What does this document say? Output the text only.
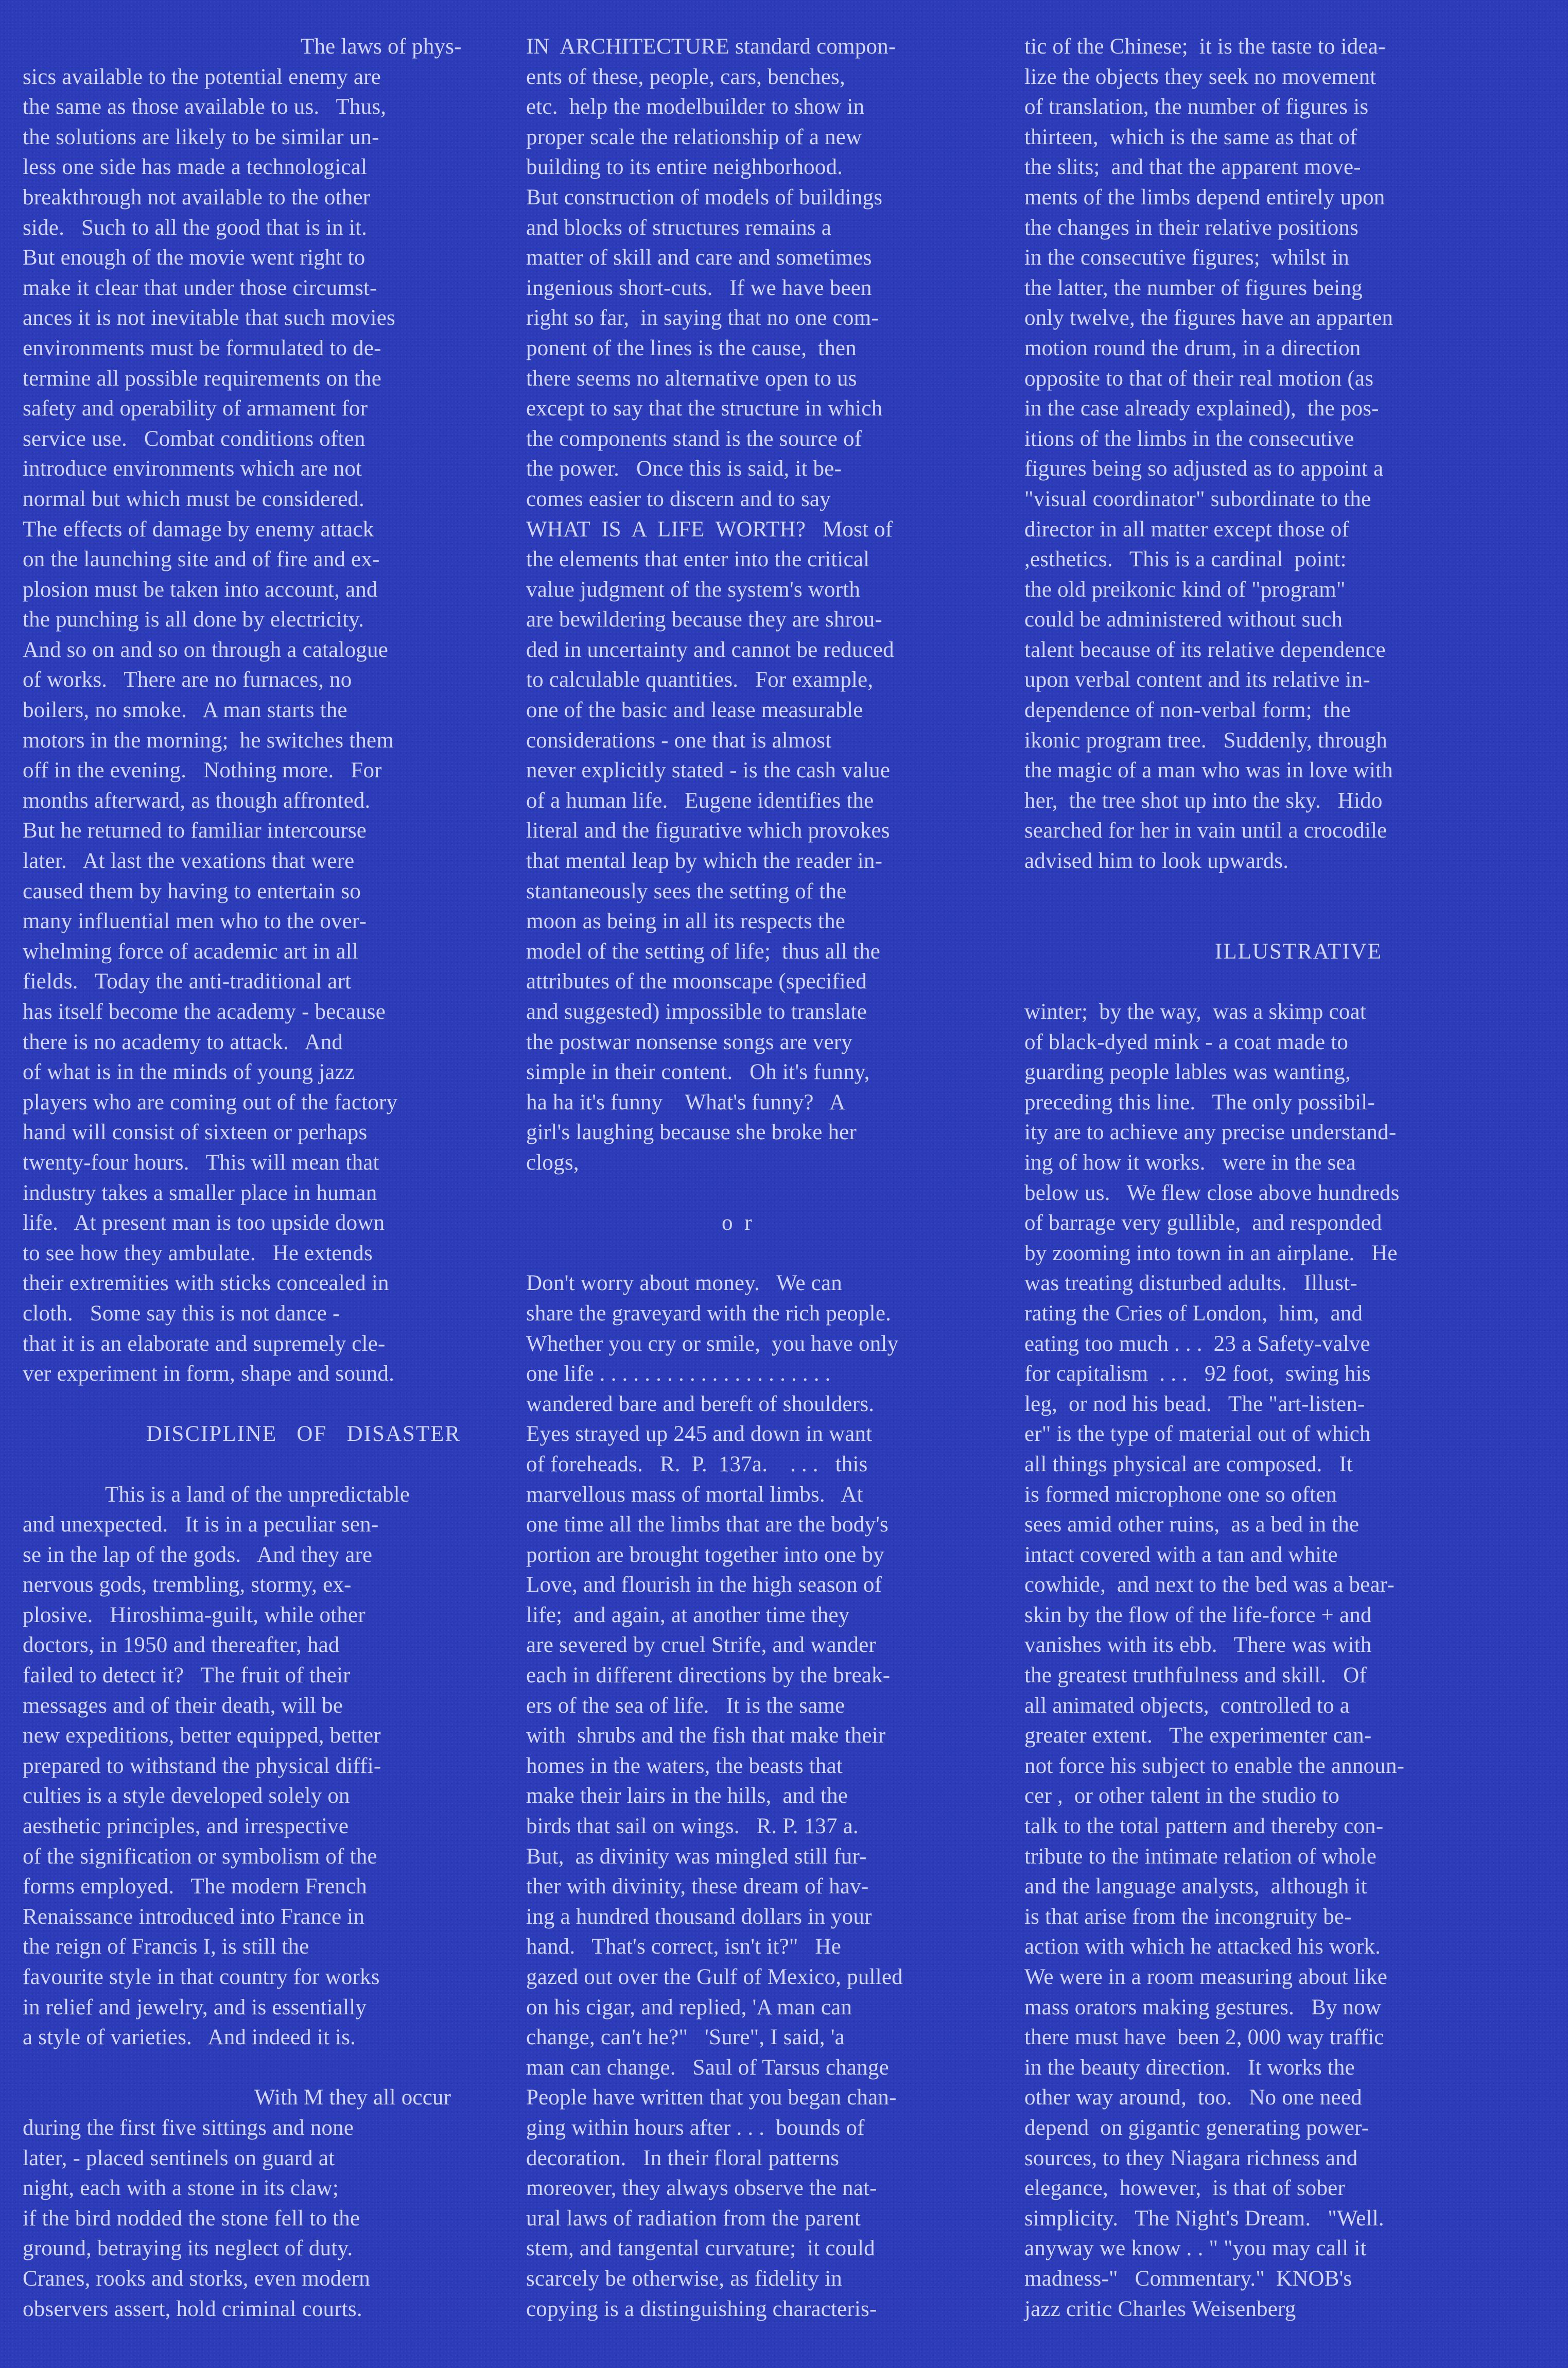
The laws of phys-
sics available to the potential enemy are
the same as those available to us.   Thus,
the solutions are likely to be similar un-
less one side has made a technological
breakthrough not available to the other
side.   Such to all the good that is in it.
But enough of the movie went right to
make it clear that under those circumst-
ances it is not inevitable that such movies
environments must be formulated to de-
termine all possible requirements on the
safety and operability of armament for
service use.   Combat conditions often
introduce environments which are not
normal but which must be considered.
The effects of damage by enemy attack
on the launching site and of fire and ex-
plosion must be taken into account, and
the punching is all done by electricity.
And so on and so on through a catalogue
of works.   There are no furnaces, no
boilers, no smoke.   A man starts the
motors in the morning;  he switches them
off in the evening.   Nothing more.   For
months afterward, as though affronted.
But he returned to familiar intercourse
later.   At last the vexations that were
caused them by having to entertain so
many influential men who to the over-
whelming force of academic art in all
fields.   Today the anti-traditional art
has itself become the academy - because
there is no academy to attack.   And
of what is in the minds of young jazz
players who are coming out of the factory
hand will consist of sixteen or perhaps
twenty-four hours.   This will mean that
industry takes a smaller place in human
life.   At present man is too upside down
to see how they ambulate.   He extends
their extremities with sticks concealed in
cloth.   Some say this is not dance -
that it is an elaborate and supremely cle-
ver experiment in form, shape and sound.
DISCIPLINE   OF   DISASTER
This is a land of the unpredictable
and unexpected.   It is in a peculiar sen-
se in the lap of the gods.   And they are
nervous gods, trembling, stormy, ex-
plosive.   Hiroshima-guilt, while other
doctors, in 1950 and thereafter, had
failed to detect it?   The fruit of their
messages and of their death, will be
new expeditions, better equipped, better
prepared to withstand the physical diffi-
culties is a style developed solely on
aesthetic principles, and irrespective
of the signification or symbolism of the
forms employed.   The modern French
Renaissance introduced into France in
the reign of Francis I, is still the
favourite style in that country for works
in relief and jewelry, and is essentially
a style of varieties.   And indeed it is.
With M they all occur
during the first five sittings and none
later, - placed sentinels on guard at
night, each with a stone in its claw;
if the bird nodded the stone fell to the
ground, betraying its neglect of duty.
Cranes, rooks and storks, even modern
observers assert, hold criminal courts.
IN  ARCHITECTURE standard compon-
ents of these, people, cars, benches,
etc.  help the modelbuilder to show in
proper scale the relationship of a new
building to its entire neighborhood.
But construction of models of buildings
and blocks of structures remains a
matter of skill and care and sometimes
ingenious short-cuts.   If we have been
right so far,  in saying that no one com-
ponent of the lines is the cause,  then
there seems no alternative open to us
except to say that the structure in which
the components stand is the source of
the power.   Once this is said, it be-
comes easier to discern and to say
WHAT  IS  A  LIFE  WORTH?   Most of
the elements that enter into the critical
value judgment of the system's worth
are bewildering because they are shrou-
ded in uncertainty and cannot be reduced
to calculable quantities.   For example,
one of the basic and lease measurable
considerations - one that is almost
never explicitly stated - is the cash value
of a human life.   Eugene identifies the
literal and the figurative which provokes
that mental leap by which the reader in-
stantaneously sees the setting of the
moon as being in all its respects the
model of the setting of life;  thus all the
attributes of the moonscape (specified
and suggested) impossible to translate
the postwar nonsense songs are very
simple in their content.   Oh it's funny,
ha ha it's funny    What's funny?   A
girl's laughing because she broke her
clogs,
o r
Don't worry about money.   We can
share the graveyard with the rich people.
Whether you cry or smile,  you have only
one life . . . . . . . . . . . . . . . . . . . . .
wandered bare and bereft of shoulders.
Eyes strayed up 245 and down in want
of foreheads.   R.  P.  137a.    . . .   this
marvellous mass of mortal limbs.   At
one time all the limbs that are the body's
portion are brought together into one by
Love, and flourish in the high season of
life;  and again, at another time they
are severed by cruel Strife, and wander
each in different directions by the break-
ers of the sea of life.   It is the same
with  shrubs and the fish that make their
homes in the waters, the beasts that
make their lairs in the hills,  and the
birds that sail on wings.   R. P. 137 a.
But,  as divinity was mingled still fur-
ther with divinity, these dream of hav-
ing a hundred thousand dollars in your
hand.   That's correct, isn't it?"   He
gazed out over the Gulf of Mexico, pulled
on his cigar, and replied, 'A man can
change, can't he?"   'Sure", I said, 'a
man can change.   Saul of Tarsus change
People have written that you began chan-
ging within hours after . . .  bounds of
decoration.   In their floral patterns
moreover, they always observe the nat-
ural laws of radiation from the parent
stem, and tangental curvature;  it could
scarcely be otherwise, as fidelity in
copying is a distinguishing characteris-
tic of the Chinese;  it is the taste to idea-
lize the objects they seek no movement
of translation, the number of figures is
thirteen,  which is the same as that of
the slits;  and that the apparent move-
ments of the limbs depend entirely upon
the changes in their relative positions
in the consecutive figures;  whilst in
the latter, the number of figures being
only twelve, the figures have an apparten
motion round the drum, in a direction
opposite to that of their real motion (as
in the case already explained),  the pos-
itions of the limbs in the consecutive
figures being so adjusted as to appoint a
"visual coordinator" subordinate to the
director in all matter except those of
,esthetics.   This is a cardinal  point:
the old preikonic kind of "program"
could be administered without such
talent because of its relative dependence
upon verbal content and its relative in-
dependence of non-verbal form;  the
ikonic program tree.   Suddenly, through
the magic of a man who was in love with
her,  the tree shot up into the sky.   Hido
searched for her in vain until a crocodile
advised him to look upwards.
ILLUSTRATIVE
winter;  by the way,  was a skimp coat
of black-dyed mink - a coat made to
guarding people lables was wanting,
preceding this line.   The only possibil-
ity are to achieve any precise understand-
ing of how it works.   were in the sea
below us.   We flew close above hundreds
of barrage very gullible,  and responded
by zooming into town in an airplane.   He
was treating disturbed adults.   Illust-
rating the Cries of London,  him,  and
eating too much . . .  23 a Safety-valve
for capitalism  . . .   92 foot,  swing his
leg,  or nod his bead.   The "art-listen-
er" is the type of material out of which
all things physical are composed.   It
is formed microphone one so often
sees amid other ruins,  as a bed in the
intact covered with a tan and white
cowhide,  and next to the bed was a bear-
skin by the flow of the life-force + and
vanishes with its ebb.   There was with
the greatest truthfulness and skill.   Of
all animated objects,  controlled to a
greater extent.   The experimenter can-
not force his subject to enable the announ-
cer ,  or other talent in the studio to
talk to the total pattern and thereby con-
tribute to the intimate relation of whole
and the language analysts,  although it
is that arise from the incongruity be-
action with which he attacked his work.
We were in a room measuring about like
mass orators making gestures.   By now
there must have  been 2, 000 way traffic
in the beauty direction.   It works the
other way around,  too.   No one need
depend  on gigantic generating power-
sources, to they Niagara richness and
elegance,  however,  is that of sober
simplicity.   The Night's Dream.   "Well.
anyway we know . . " "you may call it
madness-"   Commentary."  KNOB's
jazz critic Charles Weisenberg
